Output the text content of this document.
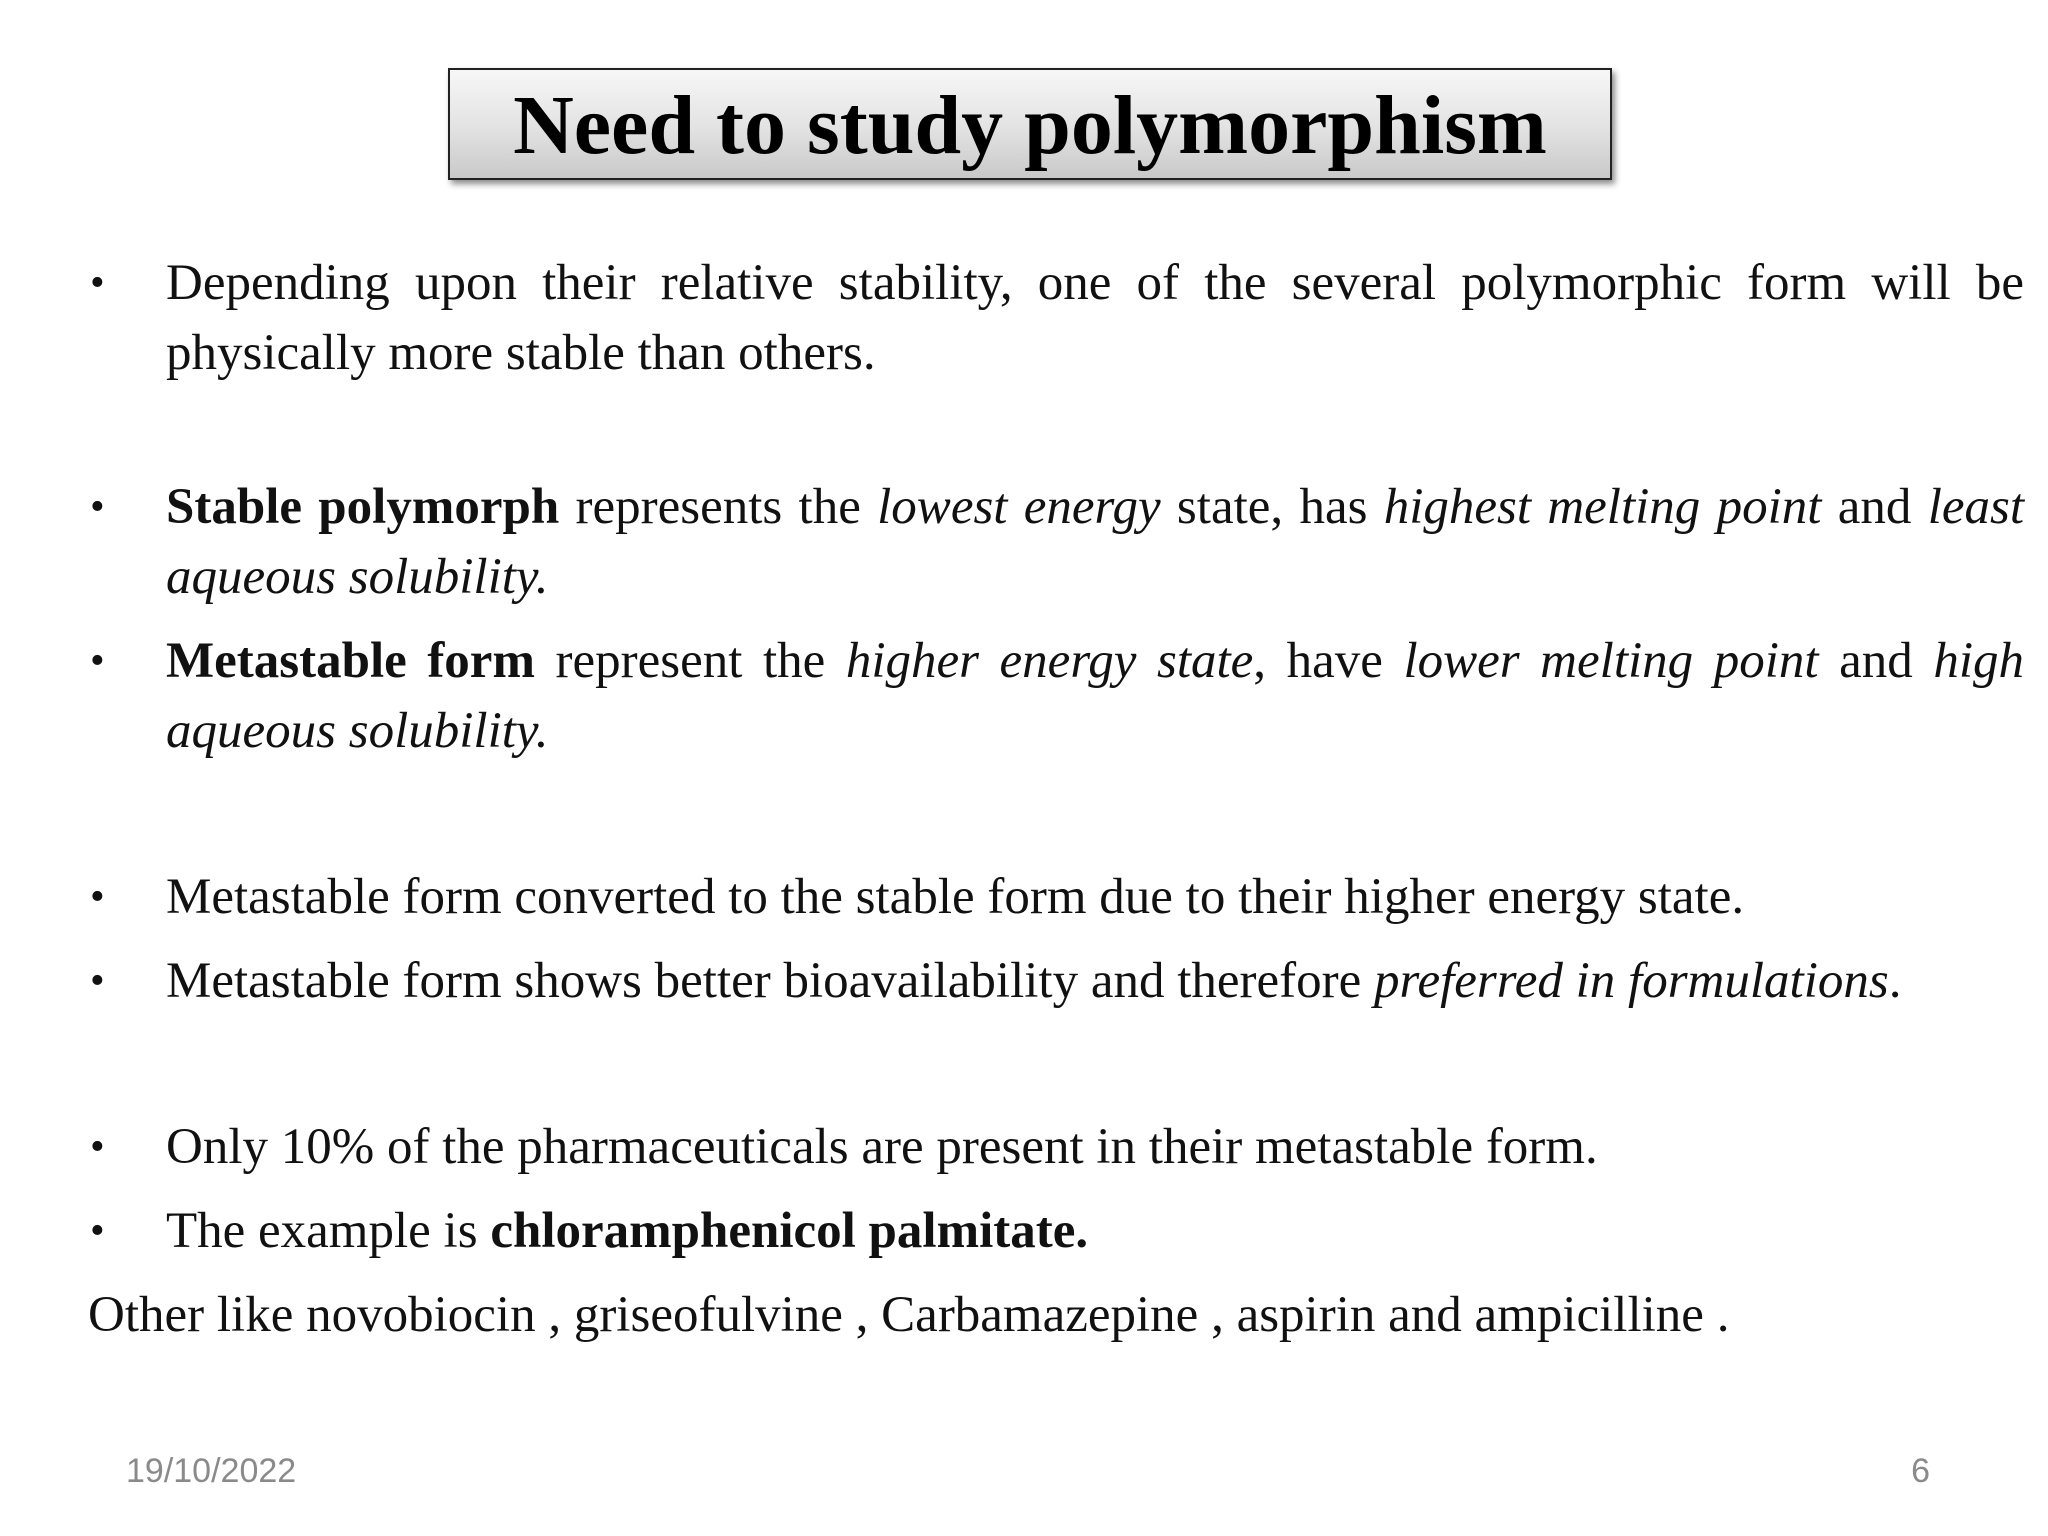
Need to study polymorphism

•	Depending upon their relative stability, one of the several polymorphic form will be physically more stable than others.

•	Stable polymorph represents the lowest energy state, has highest melting point and least aqueous solubility.

•	Metastable form represent the higher energy state, have lower melting point and high aqueous solubility.

•	Metastable form converted to the stable form due to their higher energy state.

•	Metastable form shows better bioavailability and therefore preferred in formulations.

•	Only 10% of the pharmaceuticals are present in their metastable form.

•	The example is chloramphenicol palmitate.

Other like novobiocin , griseofulvine , Carbamazepine , aspirin and ampicilline .

19/10/2022	6
